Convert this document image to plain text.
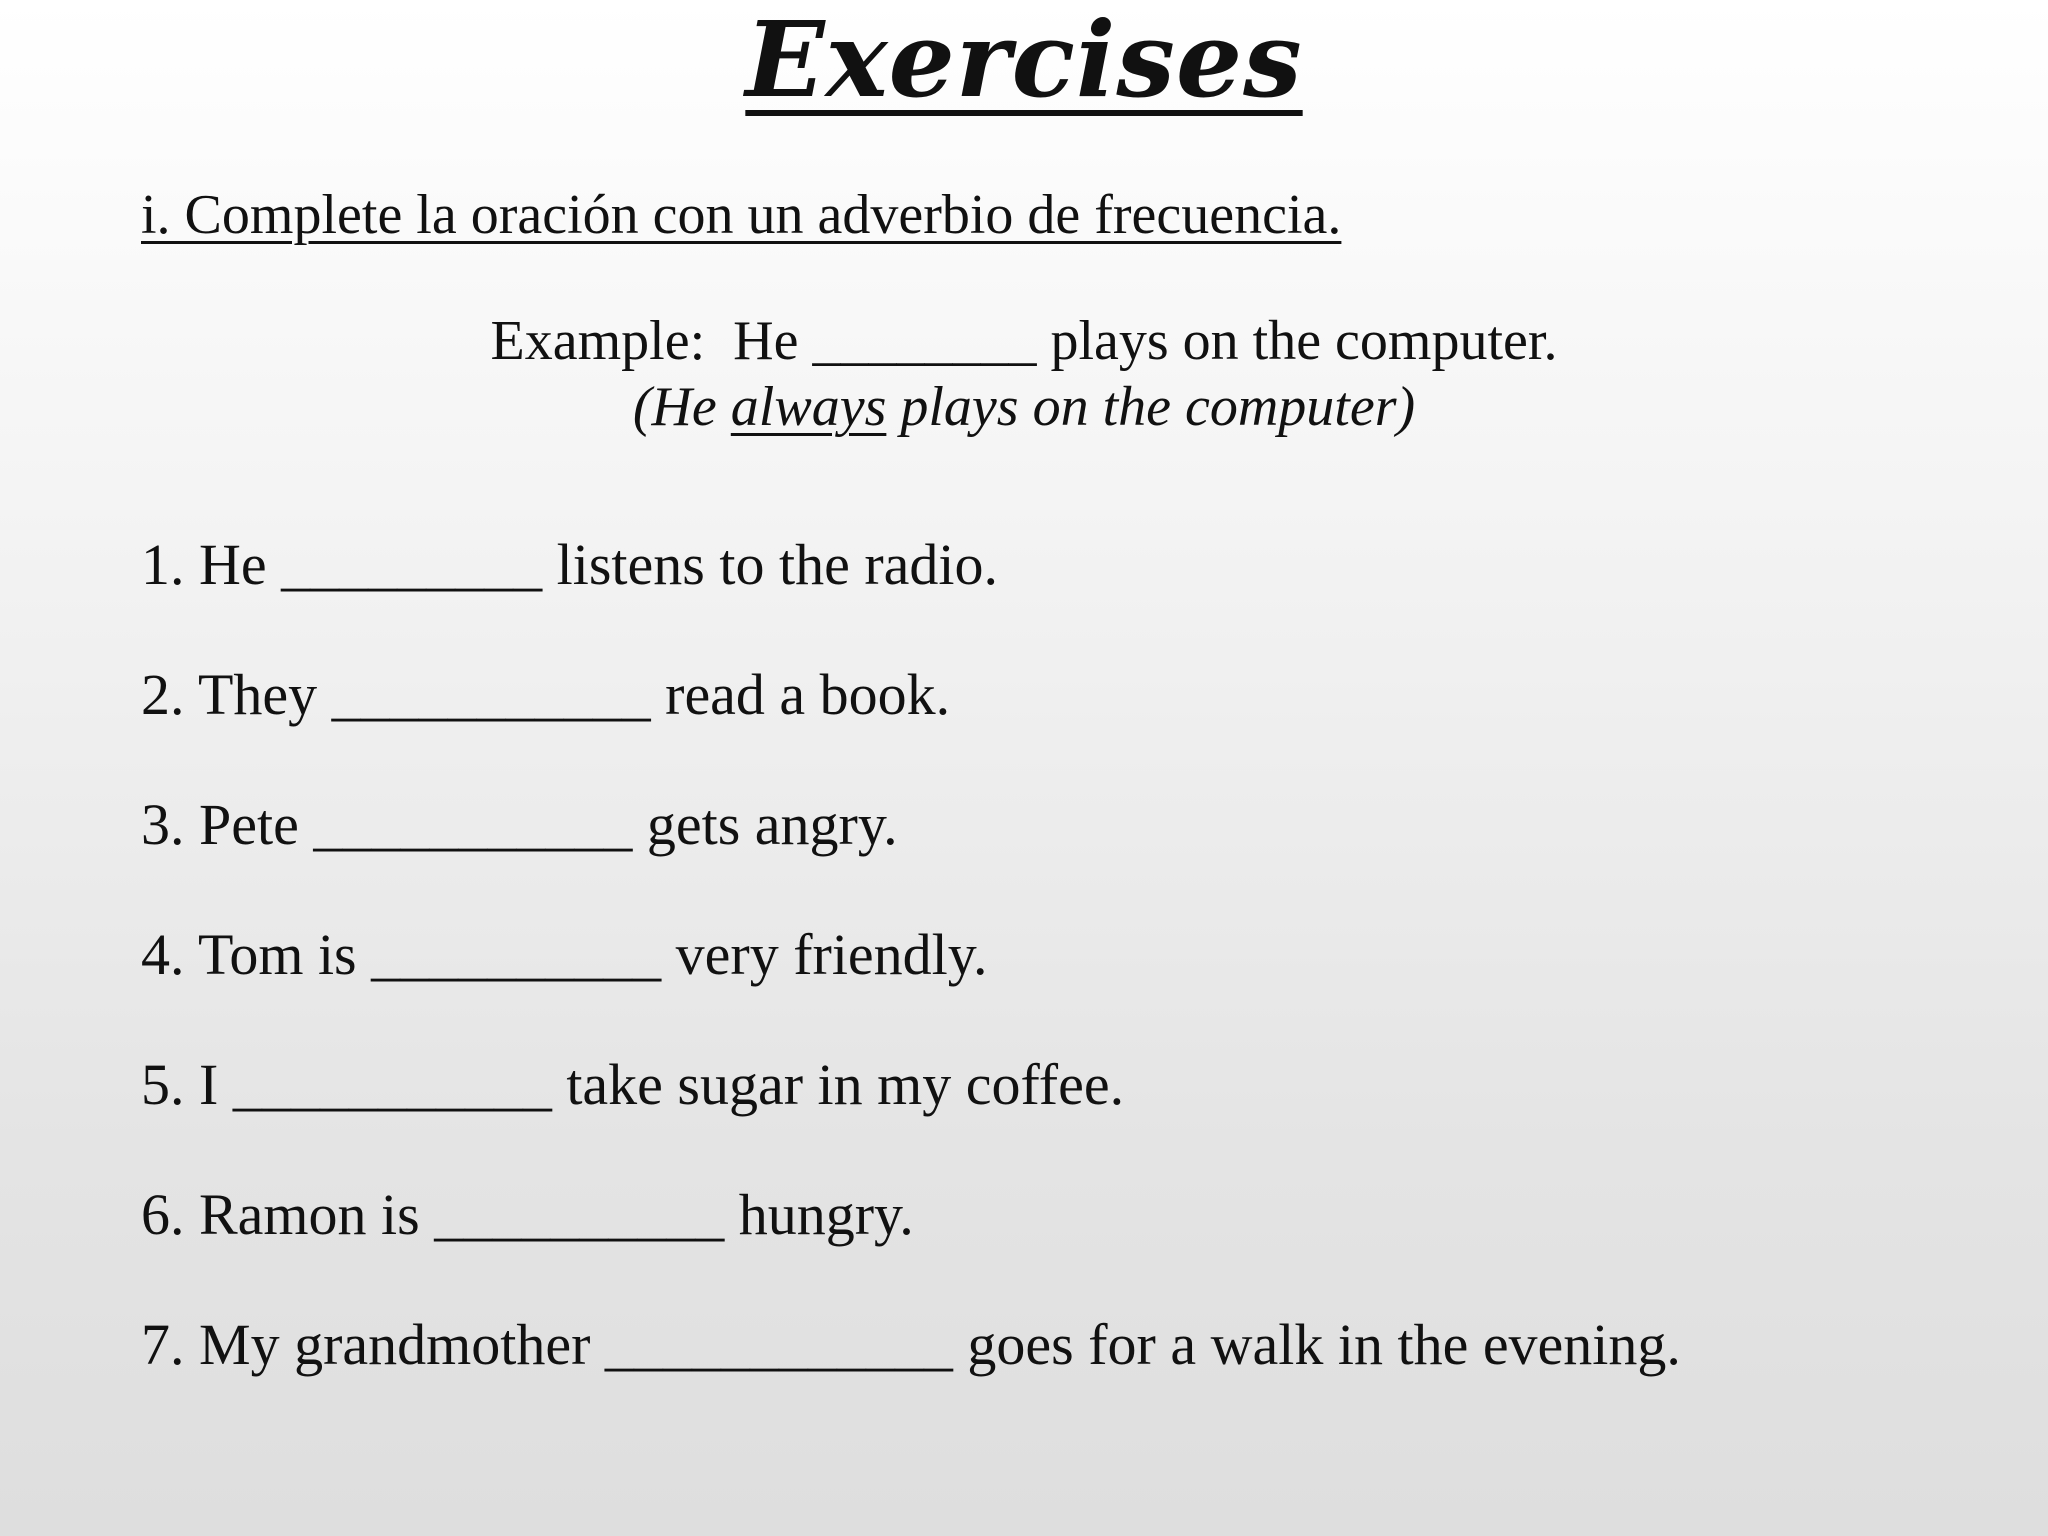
Exercises

i. Complete la oración con un adverbio de frecuencia.

Example:  He ________ plays on the computer.
(He always plays on the computer)
1. He _________ listens to the radio.
2. They ___________ read a book.
3. Pete ___________ gets angry.
4. Tom is __________ very friendly.
5. I ___________ take sugar in my coffee.
6. Ramon is __________ hungry.
7. My grandmother ____________ goes for a walk in the evening.
